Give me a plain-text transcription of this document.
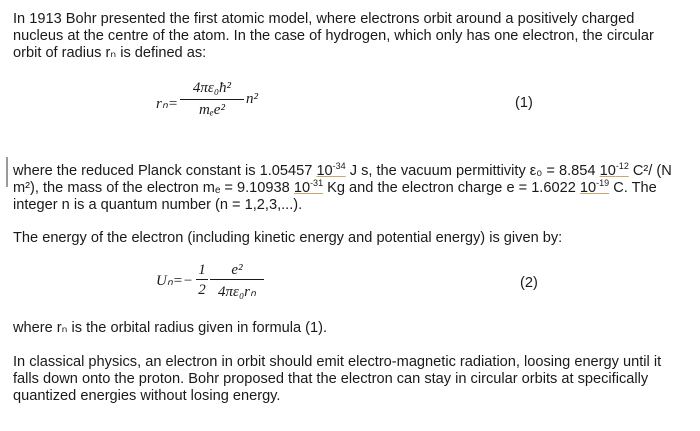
In 1913 Bohr presented the first atomic model, where electrons orbit around a positively charged nucleus at the centre of the atom. In the case of hydrogen, which only has one electron, the circular orbit of radius rₙ is defined as:

rₙ=
4πε₀ħ²
mₑe²
n²	(1)

where the reduced Planck constant is 1.05457 $10^{-34}$ J s, the vacuum permittivity ε₀ = 8.854 $10^{-12}$ C²/ (N m²), the mass of the electron mₑ = 9.10938 $10^{-31}$ Kg and the electron charge e = 1.6022 $10^{-19}$ C. The integer n is a quantum number (n = 1,2,3,...).

The energy of the electron (including kinetic energy and potential energy) is given by:

Uₙ=−
1
2
e²
4πε₀rₙ
(2)

where rₙ is the orbital radius given in formula (1).

In classical physics, an electron in orbit should emit electro-magnetic radiation, loosing energy until it falls down onto the proton. Bohr proposed that the electron can stay in circular orbits at specifically quantized energies without losing energy.
